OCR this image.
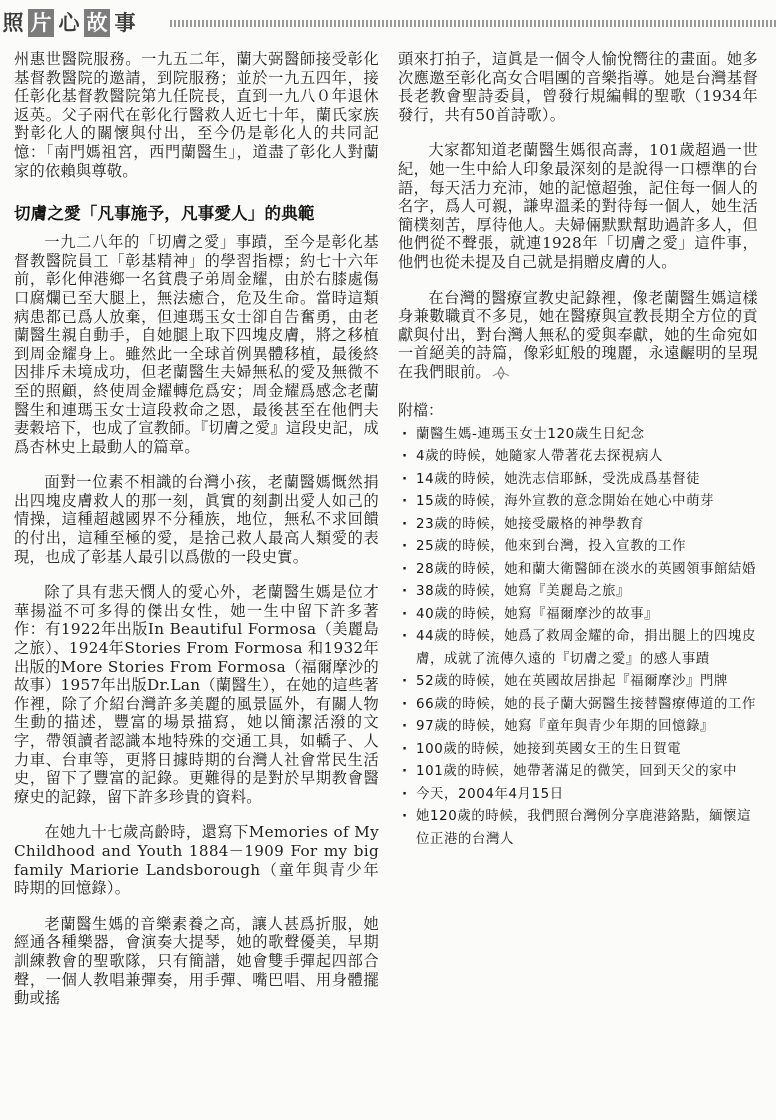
照 片 心 故 事

州惠世醫院服務。一九五二年，蘭大弼醫師接受彰化基督教醫院的邀請，到院服務；並於一九五四年，接任彰化基督教醫院第九任院長，直到一九八０年退休返英。父子兩代在彰化行醫救人近七十年，蘭氏家族對彰化人的關懷與付出，至今仍是彰化人的共同記憶：「南門媽祖宮，西門蘭醫生」，道盡了彰化人對蘭家的依賴與尊敬。

切膚之愛「凡事施予，凡事愛人」的典範

一九二八年的「切膚之愛」事蹟，至今是彰化基督教醫院員工「彰基精神」的學習指標；約七十六年前，彰化伸港鄉一名貧農子弟周金耀，由於右膝處傷口腐爛已至大腿上，無法癒合，危及生命。當時這類病患都已爲人放棄，但連瑪玉女士卻自告奮勇，由老蘭醫生親自動手，自她腿上取下四塊皮膚，將之移植到周金耀身上。雖然此一全球首例異體移植，最後終因排斥未境成功，但老蘭醫生夫婦無私的愛及無微不至的照顧，終使周金耀轉危爲安；周金耀爲感念老蘭醫生和連瑪玉女士這段救命之恩，最後甚至在他們夫妻穀培下，也成了宣教師。『切膚之愛』這段史記，成爲杏林史上最動人的篇章。

面對一位素不相識的台灣小孩，老蘭醫媽慨然捐出四塊皮膚救人的那一刻，眞實的刻劃出愛人如己的情操，這種超越國界不分種族，地位，無私不求回饋的付出，這種至極的愛，是捨己救人最高人類愛的表現，也成了彰基人最引以爲傲的一段史實。

除了具有悲天憫人的愛心外，老蘭醫生媽是位才華揚溢不可多得的傑出女性，她一生中留下許多著作：有1922年出版In Beautiful Formosa（美麗島之旅）、1924年Stories From Formosa 和1932年出版的More Stories From Formosa（福爾摩沙的故事）1957年出版Dr.Lan（蘭醫生），在她的這些著作裡，除了介紹台灣許多美麗的風景區外，有關人物生動的描述，豐富的場景描寫，她以簡潔活潑的文字，帶領讀者認識本地特殊的交通工具，如轎子、人力車、台車等，更將日據時期的台灣人社會常民生活史，留下了豐富的記錄。更難得的是對於早期教會醫療史的記錄，留下許多珍貴的資料。

在她九十七歲高齡時，還寫下Memories of My Childhood and Youth 1884－1909 For my big family Mariorie Landsborough（童年與青少年時期的回憶錄）。

老蘭醫生媽的音樂素養之高，讓人甚爲折服，她經通各種樂器，會演奏大提琴，她的歌聲優美，早期訓練教會的聖歌隊，只有簡譜，她會雙手彈起四部合聲，一個人教唱兼彈奏，用手彈、嘴巴唱、用身體擺動或搖

頭來打拍子，這眞是一個令人愉悅嚮往的畫面。她多次應邀至彰化高女合唱團的音樂指導。她是台灣基督長老教會聖詩委員，曾發行規編輯的聖歌（1934年發行，共有50首詩歌）。

大家都知道老蘭醫生媽很高壽，101歲超過一世紀，她一生中給人印象最深刻的是說得一口標準的台語，每天活力充沛，她的記憶超強，記住每一個人的名字，爲人可親，謙卑溫柔的對待每一個人，她生活簡樸刻苦，厚待他人。夫婦倆默默幫助過許多人，但他們從不聲張，就連1928年「切膚之愛」這件事，他們也從未提及自己就是捐贈皮膚的人。

在台灣的醫療宣教史記錄裡，像老蘭醫生媽這樣身兼數職貢不多見，她在醫療與宣教長期全方位的貢獻與付出，對台灣人無私的愛與奉獻，她的生命宛如一首絕美的詩篇，像彩虹般的瑰麗，永遠齷明的呈現在我們眼前。

附檔：
· 蘭醫生媽-連瑪玉女士120歲生日紀念
· 4歲的時候，她隨家人帶著花去探視病人
· 14歲的時候，她洗志信耶穌，受洗成爲基督徒
· 15歲的時候，海外宣教的意念開始在她心中萌芽
· 23歲的時候，她接受嚴格的神學教育
· 25歲的時候，他來到台灣，投入宣教的工作
· 28歲的時候，她和蘭大衛醫師在淡水的英國領事館結婚
· 38歲的時候，她寫『美麗島之旅』
· 40歲的時候，她寫『福爾摩沙的故事』
· 44歲的時候，她爲了救周金耀的命，捐出腿上的四塊皮膚，成就了流傳久遠的『切膚之愛』的感人事蹟
· 52歲的時候，她在英國故居掛起『福爾摩沙』門牌
· 66歲的時候，她的長子蘭大弼醫生接替醫療傳道的工作
· 97歲的時候，她寫『童年與青少年期的回憶錄』
· 100歲的時候，她接到英國女王的生日賀電
· 101歲的時候，她帶著滿足的微笑，回到天父的家中
· 今天，2004年4月15日
· 她120歲的時候，我們照台灣例分享鹿港鉻點，緬懷這位正港的台灣人
